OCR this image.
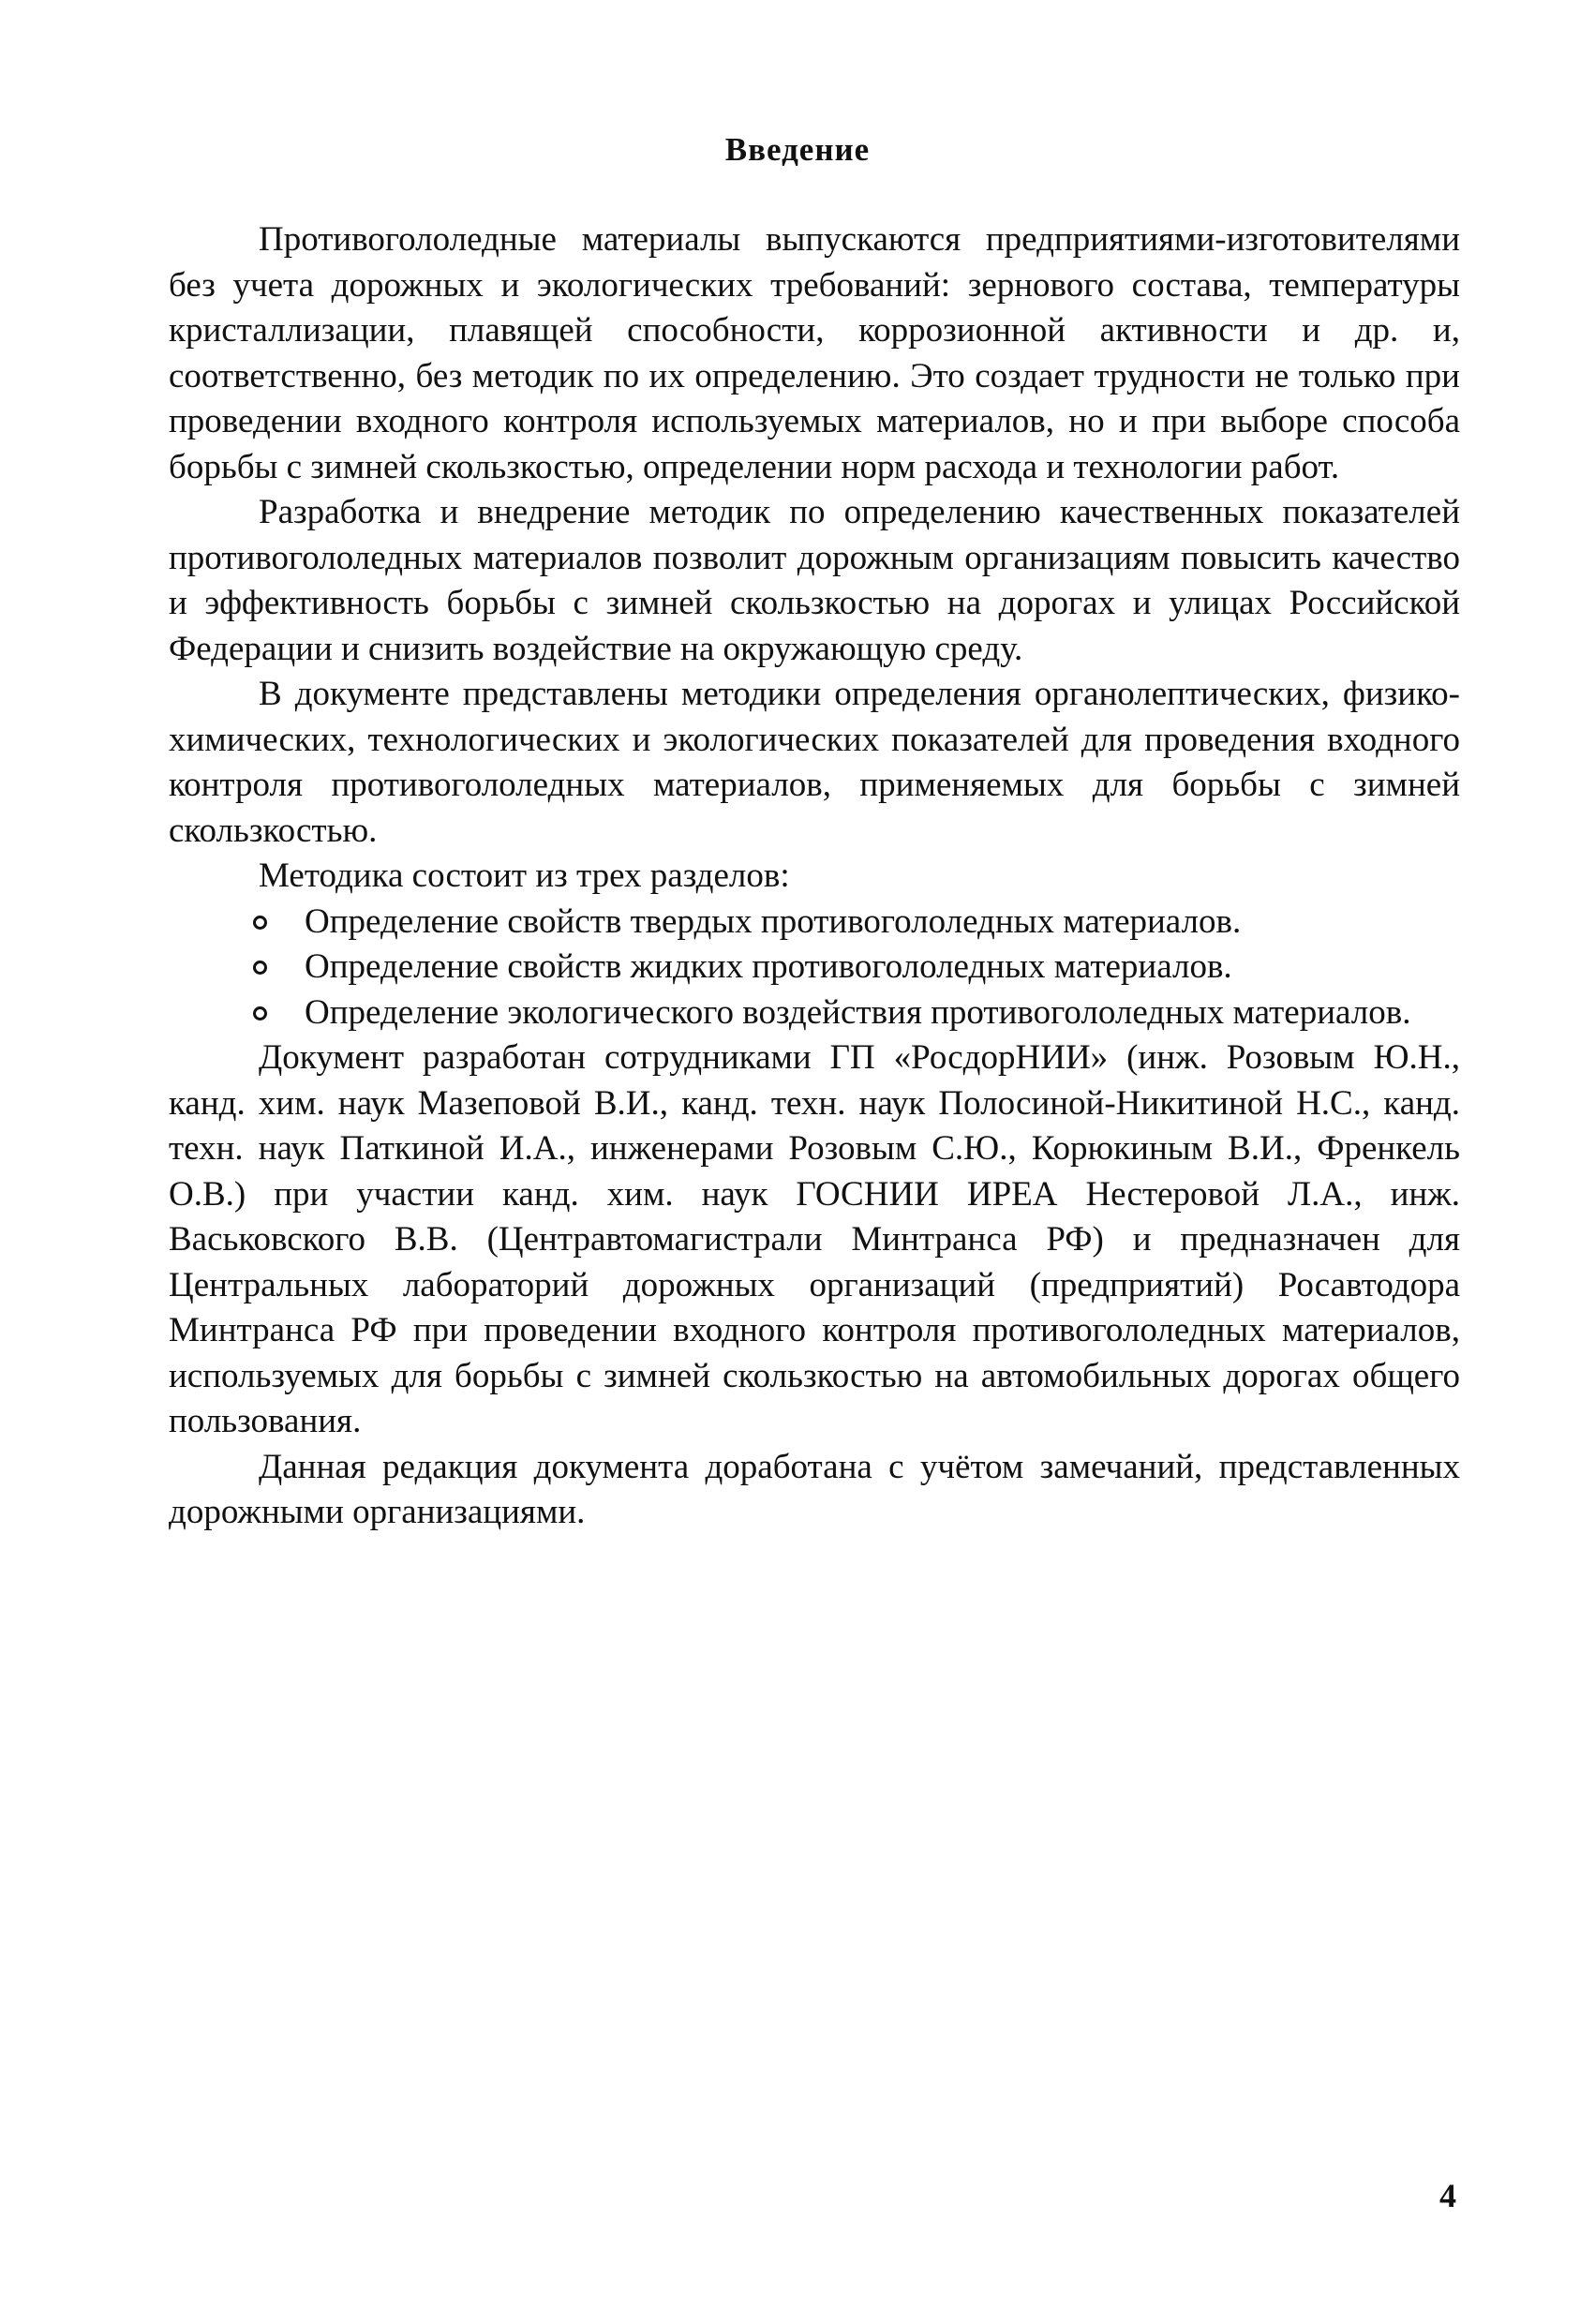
Введение

Противогололедные материалы выпускаются предприятиями-изготовителями без учета дорожных и экологических требований: зернового состава, температуры кристаллизации, плавящей способности, коррозионной активности и др. и, соответственно, без методик по их определению. Это создает трудности не только при проведении входного контроля используемых материалов, но и при выборе способа борьбы с зимней скользкостью, определении норм расхода и технологии работ.

Разработка и внедрение методик по определению качественных показателей противогололедных материалов позволит дорожным организациям повысить качество и эффективность борьбы с зимней скользкостью на дорогах и улицах Российской Федерации и снизить воздействие на окружающую среду.

В документе представлены методики определения органолептических, физико-химических, технологических и экологических показателей для проведения входного контроля противогололедных материалов, применяемых для борьбы с зимней скользкостью.

Методика состоит из трех разделов:

Определение свойств твердых противогололедных материалов.
Определение свойств жидких противогололедных материалов.
Определение экологического воздействия противогололедных материалов.

Документ разработан сотрудниками ГП «РосдорНИИ» (инж. Розовым Ю.Н., канд. хим. наук Мазеповой В.И., канд. техн. наук Полосиной-Никитиной Н.С., канд. техн. наук Паткиной И.А., инженерами Розовым С.Ю., Корюкиным В.И., Френкель О.В.) при участии канд. хим. наук ГОСНИИ ИРЕА Нестеровой Л.А., инж. Васьковского В.В. (Центравтомагистрали Минтранса РФ) и предназначен для Центральных лабораторий дорожных организаций (предприятий) Росавтодора Минтранса РФ при проведении входного контроля противогололедных материалов, используемых для борьбы с зимней скользкостью на автомобильных дорогах общего пользования.

Данная редакция документа доработана с учётом замечаний, представленных дорожными организациями.

4
